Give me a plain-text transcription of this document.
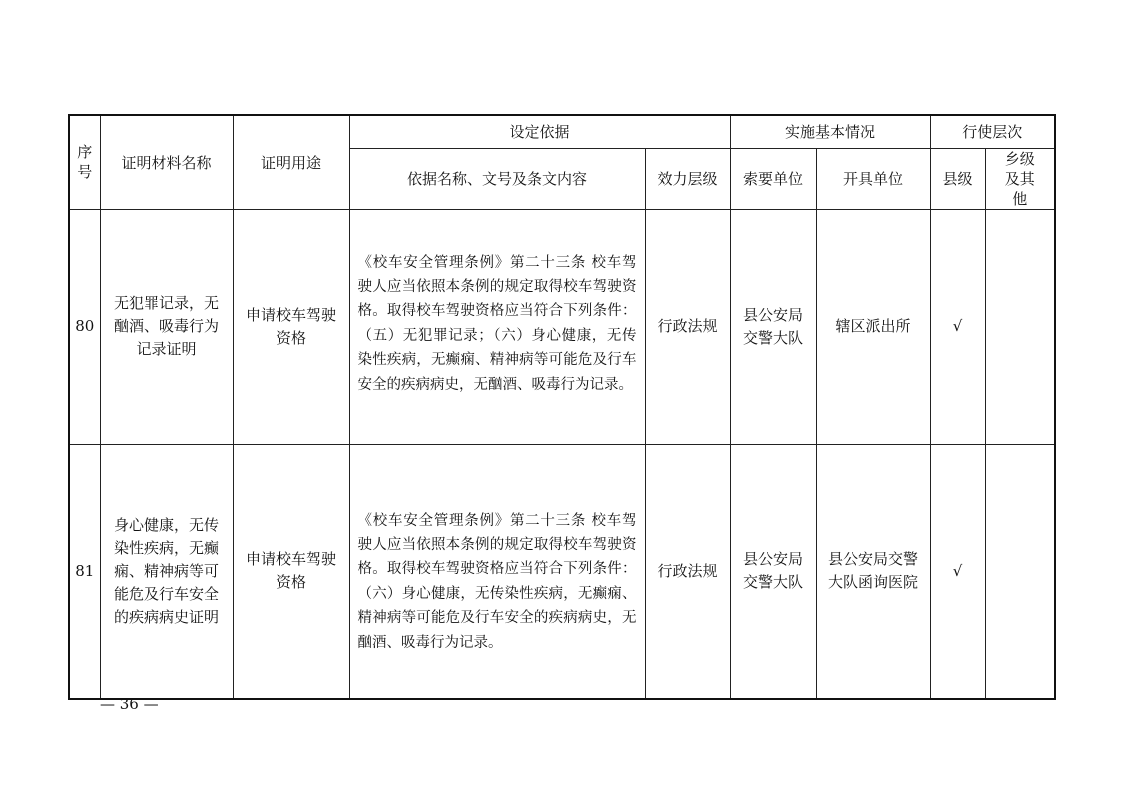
序号	证明材料名称	证明用途	设定依据		实施基本情况		行使层次	
			依据名称、文号及条文内容	效力层级	索要单位	开具单位	县级	乡级及其他
80	无犯罪记录，无酗酒、吸毒行为记录证明	申请校车驾驶资格	《校车安全管理条例》第二十三条 校车驾驶人应当依照本条例的规定取得校车驾驶资格。取得校车驾驶资格应当符合下列条件：（五）无犯罪记录；（六）身心健康，无传染性疾病，无癫痫、精神病等可能危及行车安全的疾病病史，无酗酒、吸毒行为记录。	行政法规	县公安局交警大队	辖区派出所	√	
81	身心健康，无传染性疾病，无癫痫、精神病等可能危及行车安全的疾病病史证明	申请校车驾驶资格	《校车安全管理条例》第二十三条 校车驾驶人应当依照本条例的规定取得校车驾驶资格。取得校车驾驶资格应当符合下列条件：（六）身心健康，无传染性疾病，无癫痫、精神病等可能危及行车安全的疾病病史，无酗酒、吸毒行为记录。	行政法规	县公安局交警大队	县公安局交警大队函询医院	√	
— 36 —
